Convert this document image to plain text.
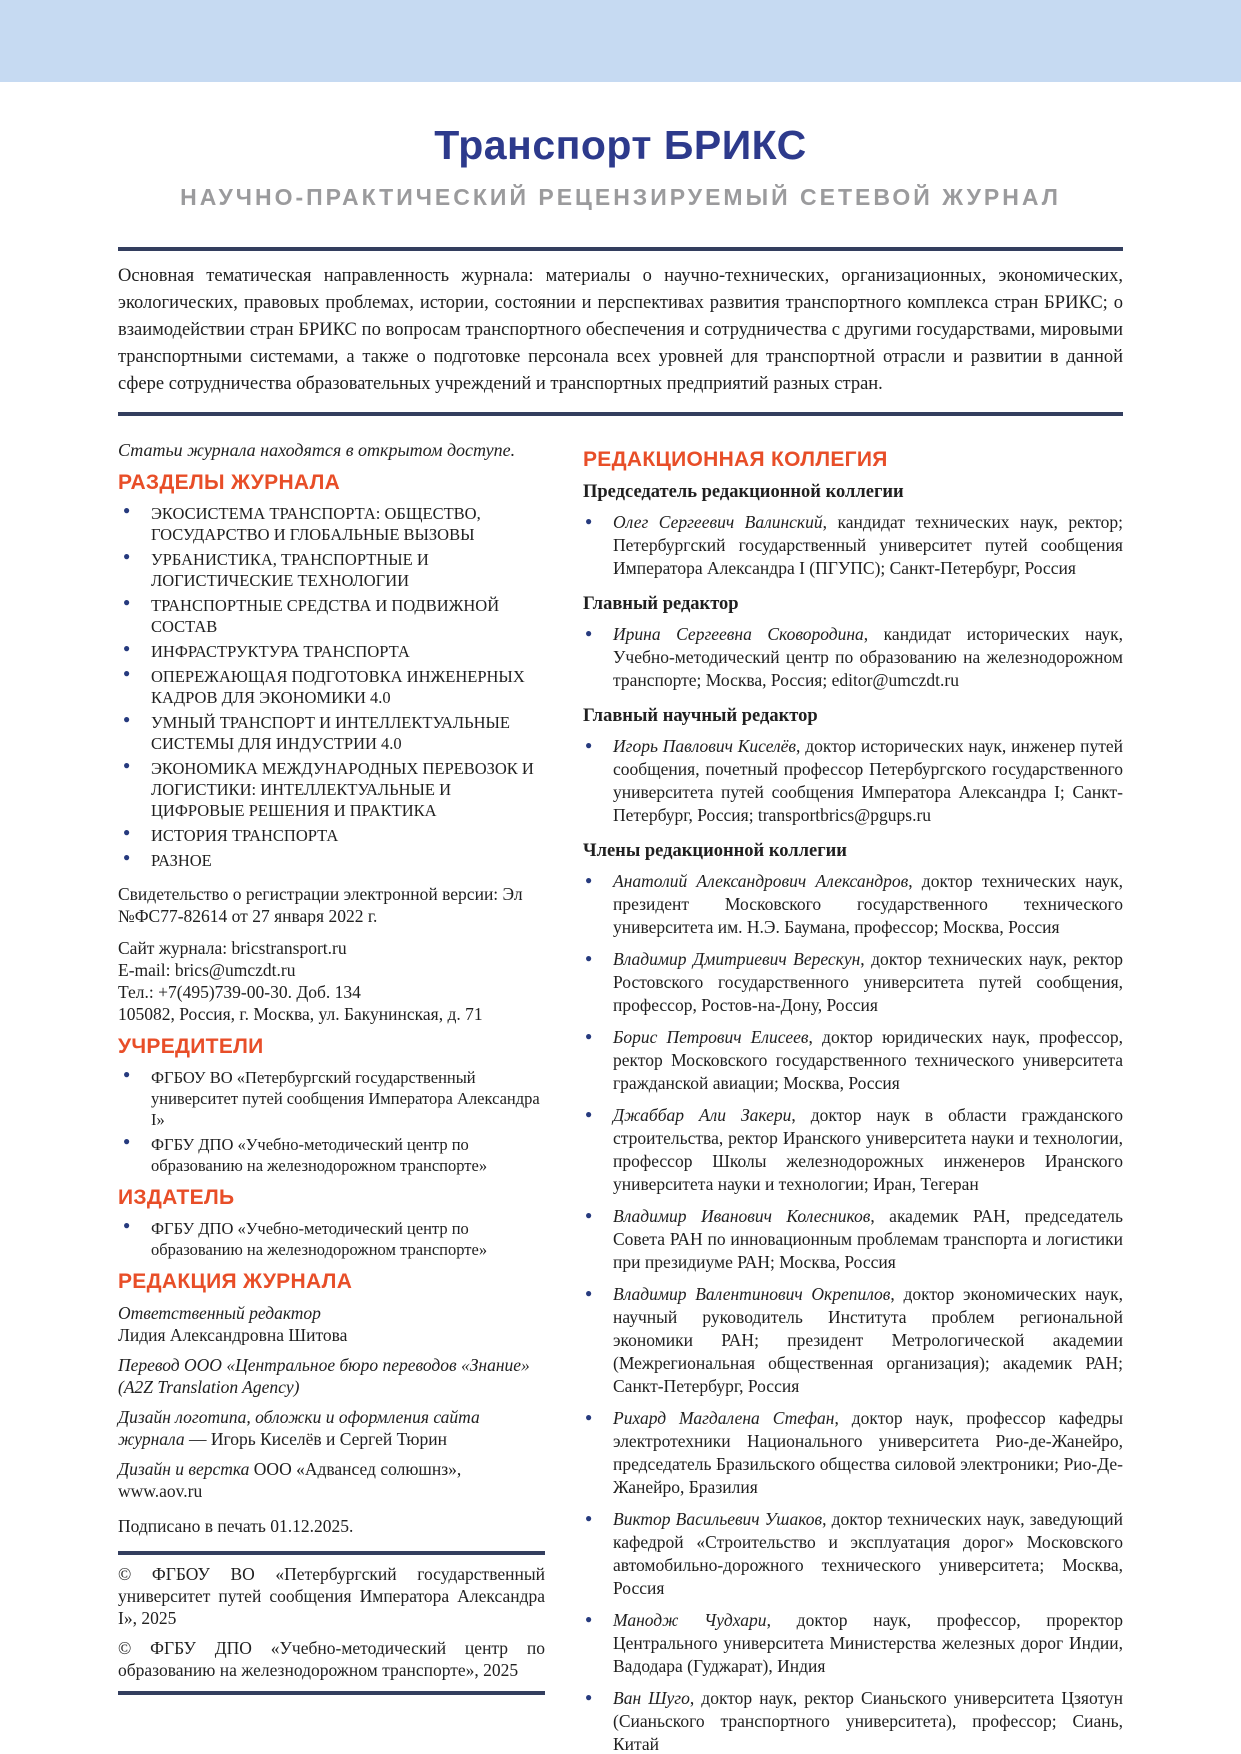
Транспорт БРИКС
НАУЧНО-ПРАКТИЧЕСКИЙ РЕЦЕНЗИРУЕМЫЙ СЕТЕВОЙ ЖУРНАЛ

Основная тематическая направленность журнала: материалы о научно-технических, организационных, экономических, экологических, правовых проблемах, истории, состоянии и перспективах развития транспортного комплекса стран БРИКС; о взаимодействии стран БРИКС по вопросам транспортного обеспечения и сотрудничества с другими государствами, мировыми транспортными системами, а также о подготовке персонала всех уровней для транспортной отрасли и развитии в данной сфере сотрудничества образовательных учреждений и транспортных предприятий разных стран.

Статьи журнала находятся в открытом доступе.

РАЗДЕЛЫ ЖУРНАЛА
● ЭКОСИСТЕМА ТРАНСПОРТА: ОБЩЕСТВО, ГОСУДАРСТВО И ГЛОБАЛЬНЫЕ ВЫЗОВЫ
● УРБАНИСТИКА, ТРАНСПОРТНЫЕ И ЛОГИСТИЧЕСКИЕ ТЕХНОЛОГИИ
● ТРАНСПОРТНЫЕ СРЕДСТВА И ПОДВИЖНОЙ СОСТАВ
● ИНФРАСТРУКТУРА ТРАНСПОРТА
● ОПЕРЕЖАЮЩАЯ ПОДГОТОВКА ИНЖЕНЕРНЫХ КАДРОВ ДЛЯ ЭКОНОМИКИ 4.0
● УМНЫЙ ТРАНСПОРТ И ИНТЕЛЛЕКТУАЛЬНЫЕ СИСТЕМЫ ДЛЯ ИНДУСТРИИ 4.0
● ЭКОНОМИКА МЕЖДУНАРОДНЫХ ПЕРЕВОЗОК И ЛОГИСТИКИ: ИНТЕЛЛЕКТУАЛЬНЫЕ И ЦИФРОВЫЕ РЕШЕНИЯ И ПРАКТИКА
● ИСТОРИЯ ТРАНСПОРТА
● РАЗНОЕ

Свидетельство о регистрации электронной версии: Эл №ФС77-82614 от 27 января 2022 г.

Сайт журнала: bricstransport.ru

E-mail: brics@umczdt.ru

Тел.: +7(495)739-00-30. Доб. 134

105082, Россия, г. Москва, ул. Бакунинская, д. 71

УЧРЕДИТЕЛИ
● ФГБОУ ВО «Петербургский государственный университет путей сообщения Императора Александра I»
● ФГБУ ДПО «Учебно-методический центр по образованию на железнодорожном транспорте»
ИЗДАТЕЛЬ
● ФГБУ ДПО «Учебно-методический центр по образованию на железнодорожном транспорте»
РЕДАКЦИЯ ЖУРНАЛА

Ответственный редактор
Лидия Александровна Шитова

Перевод ООО «Центральное бюро переводов «Знание» (A2Z Translation Agency)

Дизайн логотипа, обложки и оформления сайта журнала — Игорь Киселёв и Сергей Тюрин

Дизайн и верстка ООО «Адвансед солюшнз», www.aov.ru

Подписано в печать 01.12.2025.

© ФГБОУ ВО «Петербургский государственный университет путей сообщения Императора Александра I», 2025

© ФГБУ ДПО «Учебно-методический центр по образованию на железнодорожном транспорте», 2025

РЕДАКЦИОННАЯ КОЛЛЕГИЯ
Председатель редакционной коллегии

● Олег Сергеевич Валинский, кандидат технических наук, ректор; Петербургский государственный университет путей сообщения Императора Александра I (ПГУПС); Санкт-Петербург, Россия

Главный редактор

● Ирина Сергеевна Сковородина, кандидат исторических наук, Учебно-методический центр по образованию на железнодорожном транспорте; Москва, Россия; editor@umczdt.ru

Главный научный редактор

● Игорь Павлович Киселёв, доктор исторических наук, инженер путей сообщения, почетный профессор Петербургского государственного университета путей сообщения Императора Александра I; Санкт-Петербург, Россия; transportbrics@pgups.ru

Члены редакционной коллегии

● Анатолий Александрович Александров, доктор технических наук, президент Московского государственного технического университета им. Н.Э. Баумана, профессор; Москва, Россия

● Владимир Дмитриевич Верескун, доктор технических наук, ректор Ростовского государственного университета путей сообщения, профессор, Ростов-на-Дону, Россия

● Борис Петрович Елисеев, доктор юридических наук, профессор, ректор Московского государственного технического университета гражданской авиации; Москва, Россия

● Джаббар Али Закери, доктор наук в области гражданского строительства, ректор Иранского университета науки и технологии, профессор Школы железнодорожных инженеров Иранского университета науки и технологии; Иран, Тегеран

● Владимир Иванович Колесников, академик РАН, председатель Совета РАН по инновационным проблемам транспорта и логистики при президиуме РАН; Москва, Россия

● Владимир Валентинович Окрепилов, доктор экономических наук, научный руководитель Института проблем региональной экономики РАН; президент Метрологической академии (Межрегиональная общественная организация); академик РАН; Санкт-Петербург, Россия

● Рихард Магдалена Стефан, доктор наук, профессор кафедры электротехники Национального университета Рио-де-Жанейро, председатель Бразильского общества силовой электроники; Рио-Де-Жанейро, Бразилия

● Виктор Васильевич Ушаков, доктор технических наук, заведующий кафедрой «Строительство и эксплуатация дорог» Московского автомобильно-дорожного технического университета; Москва, Россия

● Манодж Чудхари, доктор наук, профессор, проректор Центрального университета Министерства железных дорог Индии, Вадодара (Гуджарат), Индия

● Ван Шуго, доктор наук, ректор Сианьского университета Цзяотун (Сианьского транспортного университета), профессор; Сиань, Китай
